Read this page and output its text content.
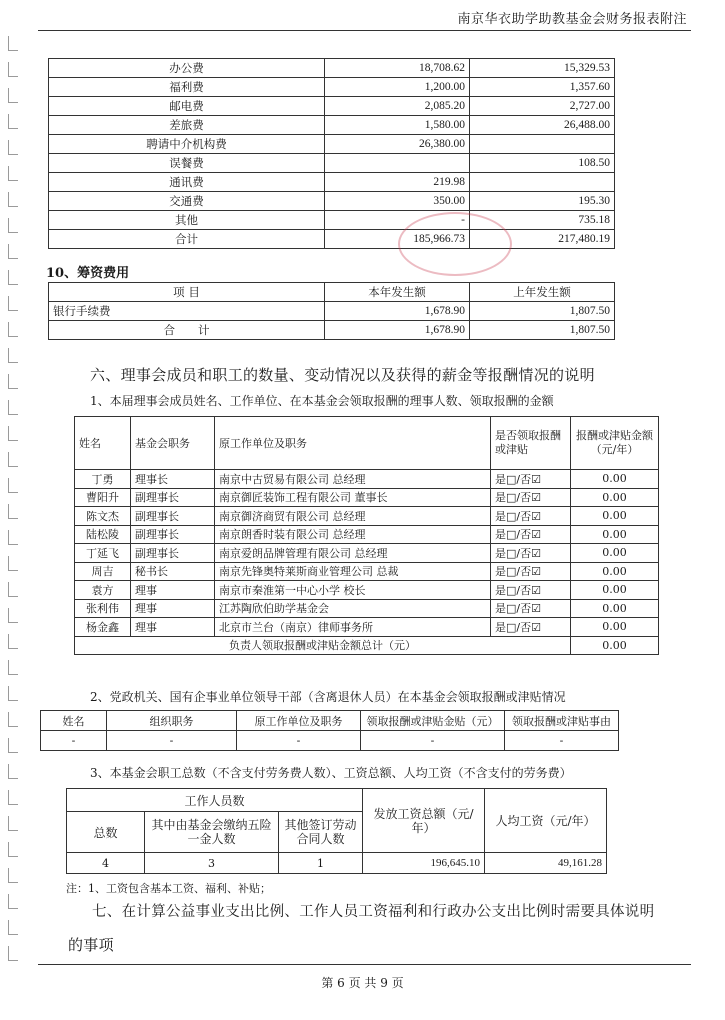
南京华衣助学助教基金会财务报表附注
办公费	18,708.62	15,329.53
福利费	1,200.00	1,357.60
邮电费	2,085.20	2,727.00
差旅费	1,580.00	26,488.00
聘请中介机构费	26,380.00	
误餐费		108.50
通讯费	219.98	
交通费	350.00	195.30
其他	-	735.18
合计	185,966.73	217,480.19
10、筹资费用
项 目	本年发生额	上年发生额
银行手续费	1,678.90	1,807.50
合　　计	1,678.90	1,807.50
六、理事会成员和职工的数量、变动情况以及获得的薪金等报酬情况的说明
1、本届理事会成员姓名、工作单位、在本基金会领取报酬的理事人数、领取报酬的金额
姓名	基金会职务	原工作单位及职务	是否领取报酬或津贴	报酬或津贴金额（元/年）
丁勇	理事长	南京中古贸易有限公司 总经理	是□/否☑	0.00
曹阳升	副理事长	南京御匠装饰工程有限公司 董事长	是□/否☑	0.00
陈文杰	副理事长	南京御济商贸有限公司 总经理	是□/否☑	0.00
陆松陵	副理事长	南京朗香时装有限公司 总经理	是□/否☑	0.00
丁延飞	副理事长	南京爱朗品牌管理有限公司 总经理	是□/否☑	0.00
周吉	秘书长	南京先锋奥特莱斯商业管理公司 总裁	是□/否☑	0.00
袁方	理事	南京市秦淮第一中心小学 校长	是□/否☑	0.00
张利伟	理事	江苏陶欣伯助学基金会	是□/否☑	0.00
杨金鑫	理事	北京市兰台（南京）律师事务所	是□/否☑	0.00
负责人领取报酬或津贴金额总计（元）				0.00
2、党政机关、国有企事业单位领导干部（含离退休人员）在本基金会领取报酬或津贴情况
姓名	组织职务	原工作单位及职务	领取报酬或津贴金贴（元）	领取报酬或津贴事由
-	-	-	-	-
3、本基金会职工总数（不含支付劳务费人数）、工资总额、人均工资（不含支付的劳务费）
工作人员数			发放工资总额（元/年）	人均工资（元/年）
总数	其中由基金会缴纳五险一金人数	其他签订劳动合同人数		
4	3	1	196,645.10	49,161.28
注：1、工资包含基本工资、福利、补贴；
七、在计算公益事业支出比例、工作人员工资福利和行政办公支出比例时需要具体说明
的事项
第 6 页 共 9 页
